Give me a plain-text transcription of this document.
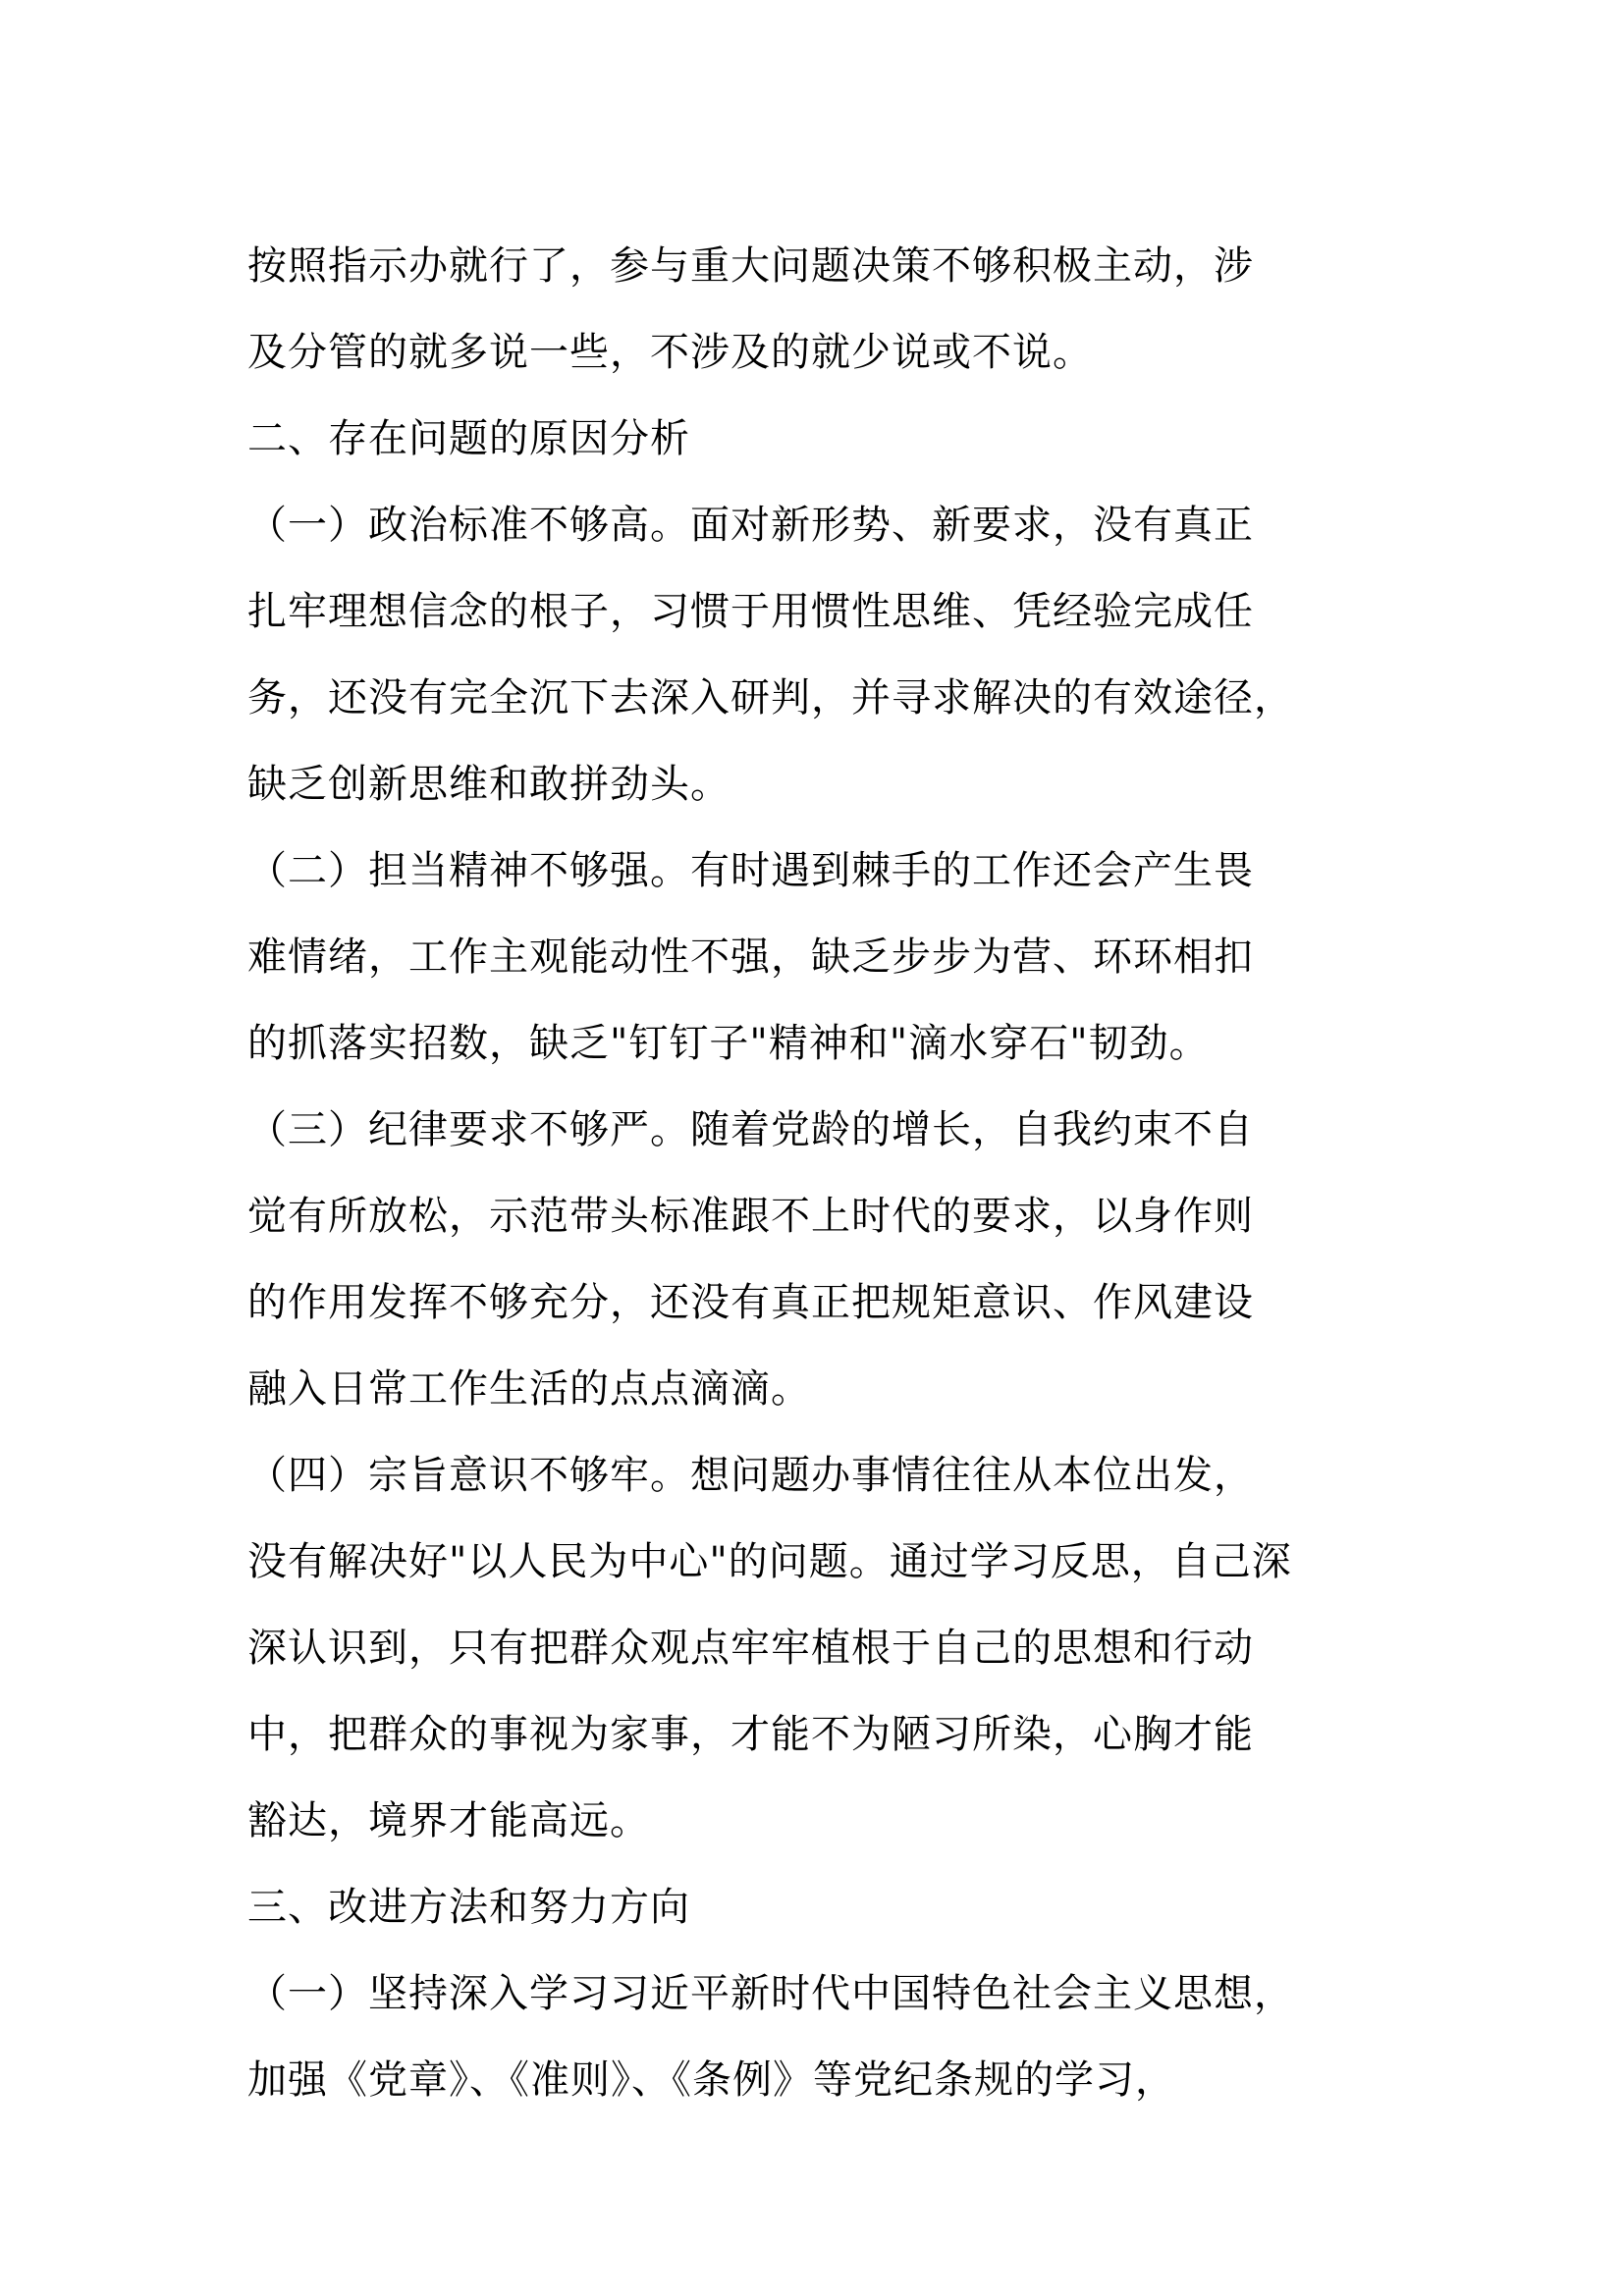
按照指示办就行了，参与重大问题决策不够积极主动，涉
及分管的就多说一些，不涉及的就少说或不说。
二、存在问题的原因分析
（一）政治标准不够高。面对新形势、新要求，没有真正
扎牢理想信念的根子，习惯于用惯性思维、凭经验完成任
务，还没有完全沉下去深入研判，并寻求解决的有效途径，
缺乏创新思维和敢拼劲头。
（二）担当精神不够强。有时遇到棘手的工作还会产生畏
难情绪，工作主观能动性不强，缺乏步步为营、环环相扣
的抓落实招数，缺乏"钉钉子"精神和"滴水穿石"韧劲。
（三）纪律要求不够严。随着党龄的增长，自我约束不自
觉有所放松，示范带头标准跟不上时代的要求，以身作则
的作用发挥不够充分，还没有真正把规矩意识、作风建设
融入日常工作生活的点点滴滴。
（四）宗旨意识不够牢。想问题办事情往往从本位出发，
没有解决好"以人民为中心"的问题。通过学习反思，自己深
深认识到，只有把群众观点牢牢植根于自己的思想和行动
中，把群众的事视为家事，才能不为陋习所染，心胸才能
豁达，境界才能高远。
三、改进方法和努力方向
（一）坚持深入学习习近平新时代中国特色社会主义思想，
加强《党章》、《准则》、《条例》等党纪条规的学习，
